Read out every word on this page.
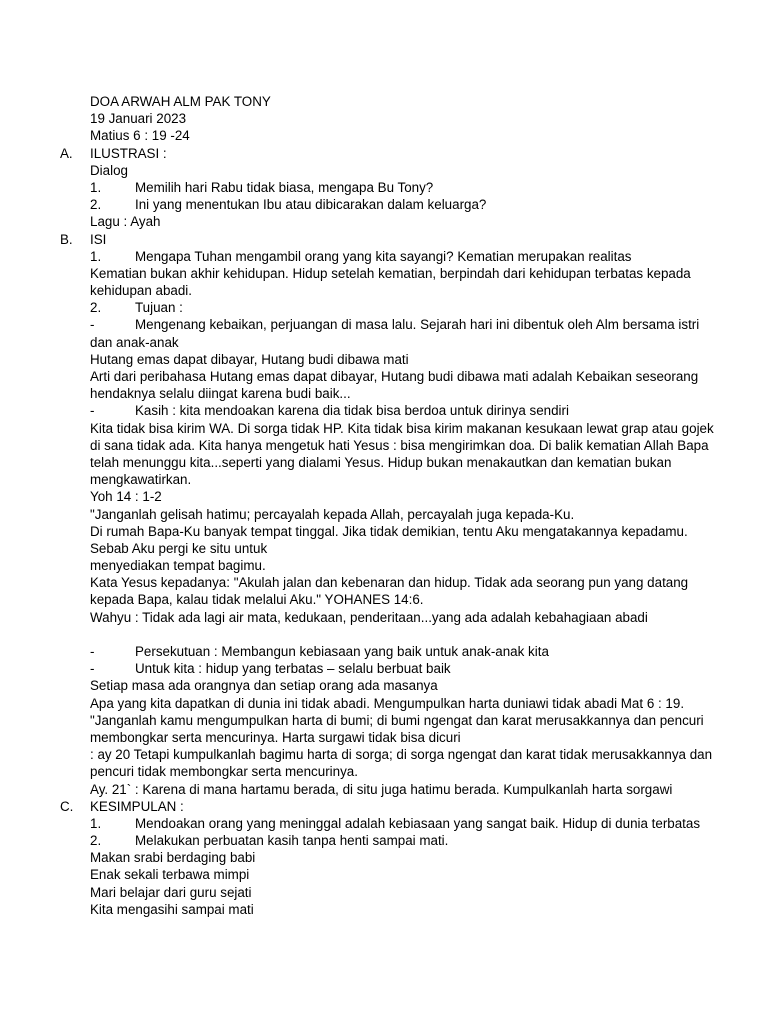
DOA ARWAH ALM PAK TONY
19 Januari 2023
Matius 6 : 19 -24
A. ILUSTRASI :
Dialog
1.	Memilih hari Rabu tidak biasa, mengapa Bu Tony?
2.	Ini yang menentukan Ibu atau dibicarakan dalam keluarga?
Lagu : Ayah
B. ISI
1.	Mengapa Tuhan mengambil orang yang kita sayangi? Kematian merupakan realitas
Kematian bukan akhir kehidupan. Hidup setelah kematian, berpindah dari kehidupan terbatas kepada
kehidupan abadi.
2.	Tujuan :
-	Mengenang kebaikan, perjuangan di masa lalu. Sejarah hari ini dibentuk oleh Alm bersama istri
dan anak-anak
Hutang emas dapat dibayar, Hutang budi dibawa mati
Arti dari peribahasa Hutang emas dapat dibayar, Hutang budi dibawa mati adalah Kebaikan seseorang
hendaknya selalu diingat karena budi baik...
-	Kasih : kita mendoakan karena dia tidak bisa berdoa untuk dirinya sendiri
Kita tidak bisa kirim WA. Di sorga tidak HP. Kita tidak bisa kirim makanan kesukaan lewat grap atau gojek
di sana tidak ada. Kita hanya mengetuk hati Yesus : bisa mengirimkan doa. Di balik kematian Allah Bapa
telah menunggu kita...seperti yang dialami Yesus. Hidup bukan menakautkan dan kematian bukan
mengkawatirkan.
Yoh 14 : 1-2
"Janganlah gelisah hatimu; percayalah kepada Allah, percayalah juga kepada-Ku.
Di rumah Bapa-Ku banyak tempat tinggal. Jika tidak demikian, tentu Aku mengatakannya kepadamu.
Sebab Aku pergi ke situ untuk
menyediakan tempat bagimu.
Kata Yesus kepadanya: "Akulah jalan dan kebenaran dan hidup. Tidak ada seorang pun yang datang
kepada Bapa, kalau tidak melalui Aku." YOHANES 14:6.
Wahyu : Tidak ada lagi air mata, kedukaan, penderitaan...yang ada adalah kebahagiaan abadi
-	Persekutuan : Membangun kebiasaan yang baik untuk anak-anak kita
-	Untuk kita : hidup yang terbatas – selalu berbuat baik
Setiap masa ada orangnya dan setiap orang ada masanya
Apa yang kita dapatkan di dunia ini tidak abadi. Mengumpulkan harta duniawi tidak abadi Mat 6 : 19.
"Janganlah kamu mengumpulkan harta di bumi; di bumi ngengat dan karat merusakkannya dan pencuri
membongkar serta mencurinya. Harta surgawi tidak bisa dicuri
: ay 20 Tetapi kumpulkanlah bagimu harta di sorga; di sorga ngengat dan karat tidak merusakkannya dan
pencuri tidak membongkar serta mencurinya.
Ay. 21` : Karena di mana hartamu berada, di situ juga hatimu berada. Kumpulkanlah harta sorgawi
C. KESIMPULAN :
1.	Mendoakan orang yang meninggal adalah kebiasaan yang sangat baik. Hidup di dunia terbatas
2.	Melakukan perbuatan kasih tanpa henti sampai mati.
Makan srabi berdaging babi
Enak sekali terbawa mimpi
Mari belajar dari guru sejati
Kita mengasihi sampai mati
